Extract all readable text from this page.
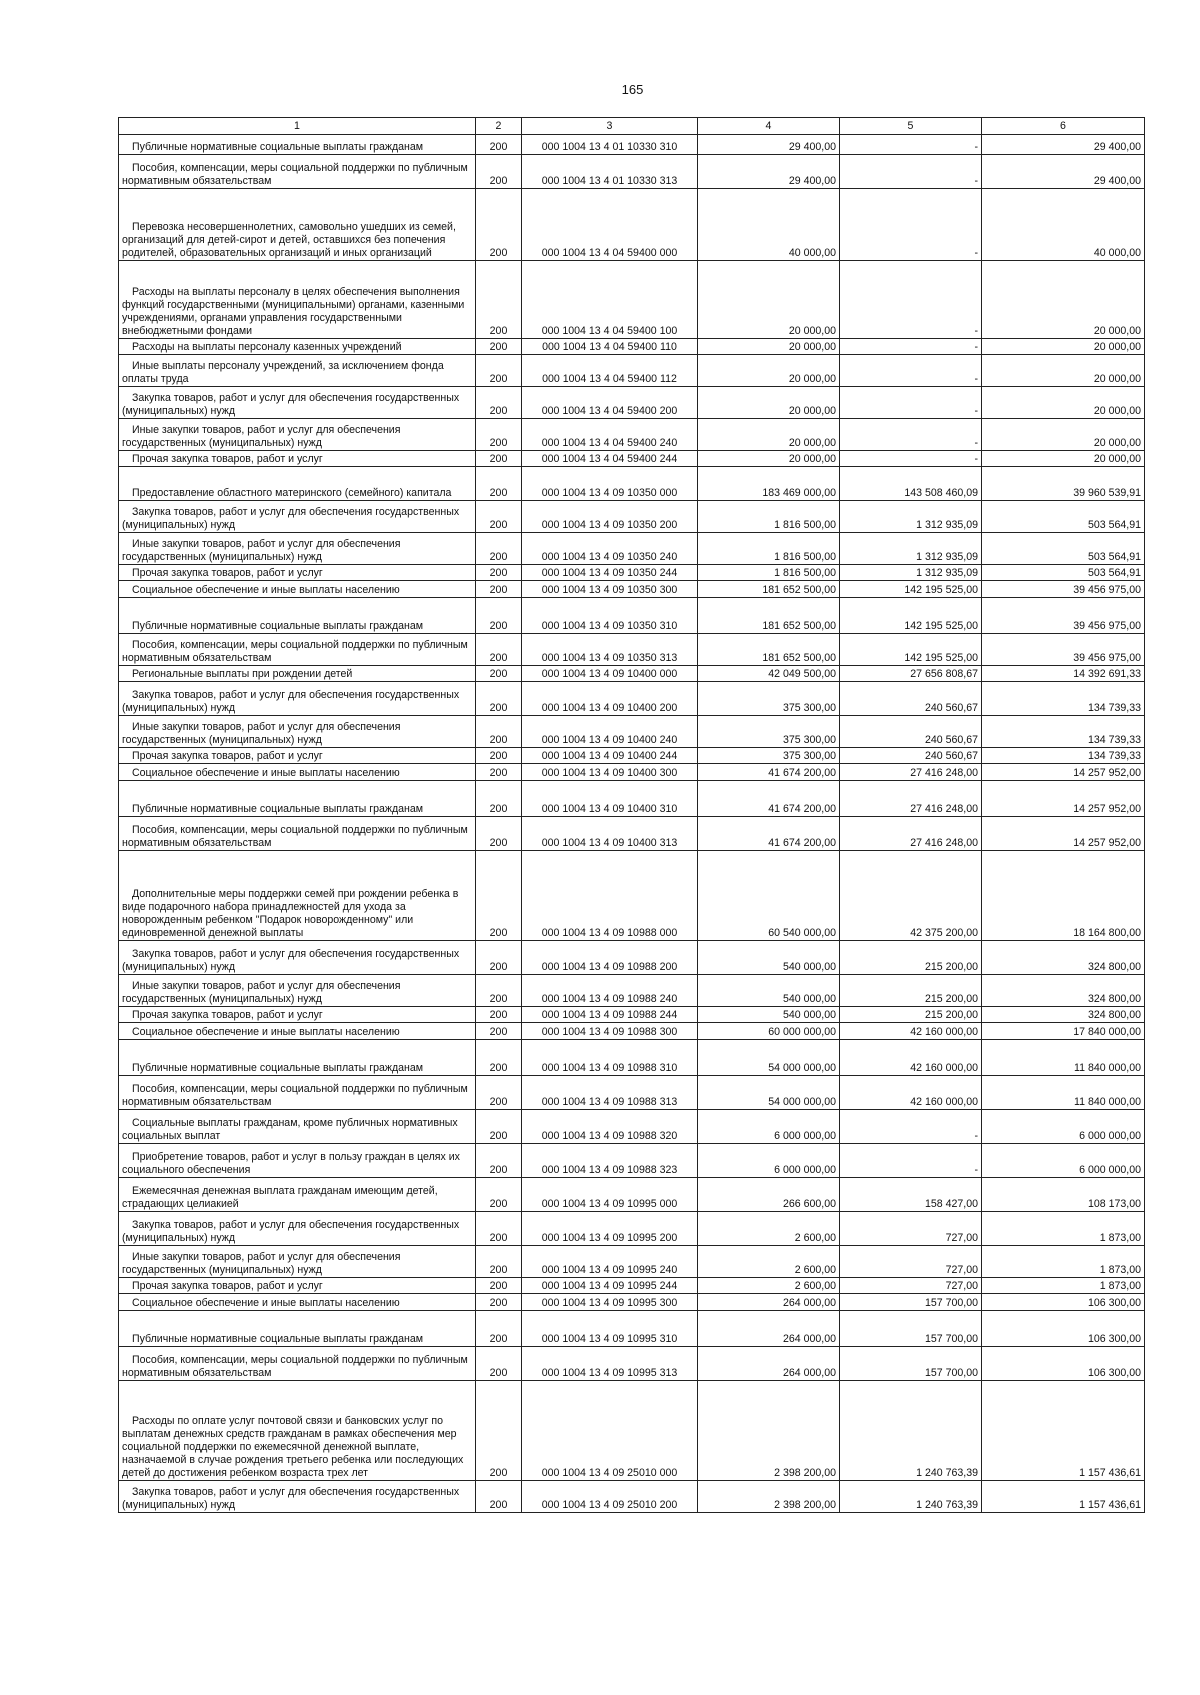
165
1	2	3	4	5	6

Публичные нормативные социальные выплаты гражданам	200	000 1004 13 4 01 10330 310	29 400,00	-	29 400,00

Пособия, компенсации, меры социальной поддержки по публичным нормативным обязательствам	200	000 1004 13 4 01 10330 313	29 400,00	-	29 400,00

Перевозка несовершеннолетних, самовольно ушедших из семей, организаций для детей-сирот и детей, оставшихся без попечения родителей, образовательных организаций и иных организаций	200	000 1004 13 4 04 59400 000	40 000,00	-	40 000,00

Расходы на выплаты персоналу в целях обеспечения выполнения функций государственными (муниципальными) органами, казенными учреждениями, органами управления государственными внебюджетными фондами	200	000 1004 13 4 04 59400 100	20 000,00	-	20 000,00

Расходы на выплаты персоналу казенных учреждений	200	000 1004 13 4 04 59400 110	20 000,00	-	20 000,00

Иные выплаты персоналу учреждений, за исключением фонда оплаты труда	200	000 1004 13 4 04 59400 112	20 000,00	-	20 000,00

Закупка товаров, работ и услуг для обеспечения государственных (муниципальных) нужд	200	000 1004 13 4 04 59400 200	20 000,00	-	20 000,00

Иные закупки товаров, работ и услуг для обеспечения государственных (муниципальных) нужд	200	000 1004 13 4 04 59400 240	20 000,00	-	20 000,00

Прочая закупка товаров, работ и услуг	200	000 1004 13 4 04 59400 244	20 000,00	-	20 000,00

Предоставление областного материнского (семейного) капитала	200	000 1004 13 4 09 10350 000	183 469 000,00	143 508 460,09	39 960 539,91

Закупка товаров, работ и услуг для обеспечения государственных (муниципальных) нужд	200	000 1004 13 4 09 10350 200	1 816 500,00	1 312 935,09	503 564,91

Иные закупки товаров, работ и услуг для обеспечения государственных (муниципальных) нужд	200	000 1004 13 4 09 10350 240	1 816 500,00	1 312 935,09	503 564,91

Прочая закупка товаров, работ и услуг	200	000 1004 13 4 09 10350 244	1 816 500,00	1 312 935,09	503 564,91

Социальное обеспечение и иные выплаты населению	200	000 1004 13 4 09 10350 300	181 652 500,00	142 195 525,00	39 456 975,00

Публичные нормативные социальные выплаты гражданам	200	000 1004 13 4 09 10350 310	181 652 500,00	142 195 525,00	39 456 975,00

Пособия, компенсации, меры социальной поддержки по публичным нормативным обязательствам	200	000 1004 13 4 09 10350 313	181 652 500,00	142 195 525,00	39 456 975,00

Региональные выплаты при рождении детей	200	000 1004 13 4 09 10400 000	42 049 500,00	27 656 808,67	14 392 691,33

Закупка товаров, работ и услуг для обеспечения государственных (муниципальных) нужд	200	000 1004 13 4 09 10400 200	375 300,00	240 560,67	134 739,33

Иные закупки товаров, работ и услуг для обеспечения государственных (муниципальных) нужд	200	000 1004 13 4 09 10400 240	375 300,00	240 560,67	134 739,33

Прочая закупка товаров, работ и услуг	200	000 1004 13 4 09 10400 244	375 300,00	240 560,67	134 739,33

Социальное обеспечение и иные выплаты населению	200	000 1004 13 4 09 10400 300	41 674 200,00	27 416 248,00	14 257 952,00

Публичные нормативные социальные выплаты гражданам	200	000 1004 13 4 09 10400 310	41 674 200,00	27 416 248,00	14 257 952,00

Пособия, компенсации, меры социальной поддержки по публичным нормативным обязательствам	200	000 1004 13 4 09 10400 313	41 674 200,00	27 416 248,00	14 257 952,00

Дополнительные меры поддержки семей при рождении ребенка в виде подарочного набора принадлежностей для ухода за новорожденным ребенком "Подарок новорожденному" или единовременной денежной выплаты	200	000 1004 13 4 09 10988 000	60 540 000,00	42 375 200,00	18 164 800,00

Закупка товаров, работ и услуг для обеспечения государственных (муниципальных) нужд	200	000 1004 13 4 09 10988 200	540 000,00	215 200,00	324 800,00

Иные закупки товаров, работ и услуг для обеспечения государственных (муниципальных) нужд	200	000 1004 13 4 09 10988 240	540 000,00	215 200,00	324 800,00

Прочая закупка товаров, работ и услуг	200	000 1004 13 4 09 10988 244	540 000,00	215 200,00	324 800,00

Социальное обеспечение и иные выплаты населению	200	000 1004 13 4 09 10988 300	60 000 000,00	42 160 000,00	17 840 000,00

Публичные нормативные социальные выплаты гражданам	200	000 1004 13 4 09 10988 310	54 000 000,00	42 160 000,00	11 840 000,00

Пособия, компенсации, меры социальной поддержки по публичным нормативным обязательствам	200	000 1004 13 4 09 10988 313	54 000 000,00	42 160 000,00	11 840 000,00

Социальные выплаты гражданам, кроме публичных нормативных социальных выплат	200	000 1004 13 4 09 10988 320	6 000 000,00	-	6 000 000,00

Приобретение товаров, работ и услуг в пользу граждан в целях их социального обеспечения	200	000 1004 13 4 09 10988 323	6 000 000,00	-	6 000 000,00

Ежемесячная денежная выплата гражданам имеющим детей, страдающих целиакией	200	000 1004 13 4 09 10995 000	266 600,00	158 427,00	108 173,00

Закупка товаров, работ и услуг для обеспечения государственных (муниципальных) нужд	200	000 1004 13 4 09 10995 200	2 600,00	727,00	1 873,00

Иные закупки товаров, работ и услуг для обеспечения государственных (муниципальных) нужд	200	000 1004 13 4 09 10995 240	2 600,00	727,00	1 873,00

Прочая закупка товаров, работ и услуг	200	000 1004 13 4 09 10995 244	2 600,00	727,00	1 873,00

Социальное обеспечение и иные выплаты населению	200	000 1004 13 4 09 10995 300	264 000,00	157 700,00	106 300,00

Публичные нормативные социальные выплаты гражданам	200	000 1004 13 4 09 10995 310	264 000,00	157 700,00	106 300,00

Пособия, компенсации, меры социальной поддержки по публичным нормативным обязательствам	200	000 1004 13 4 09 10995 313	264 000,00	157 700,00	106 300,00

Расходы по оплате услуг почтовой связи и банковских услуг по выплатам денежных средств гражданам в рамках обеспечения мер социальной поддержки по ежемесячной денежной выплате, назначаемой в случае рождения третьего ребенка или последующих детей до достижения ребенком возраста трех лет	200	000 1004 13 4 09 25010 000	2 398 200,00	1 240 763,39	1 157 436,61

Закупка товаров, работ и услуг для обеспечения государственных (муниципальных) нужд	200	000 1004 13 4 09 25010 200	2 398 200,00	1 240 763,39	1 157 436,61
